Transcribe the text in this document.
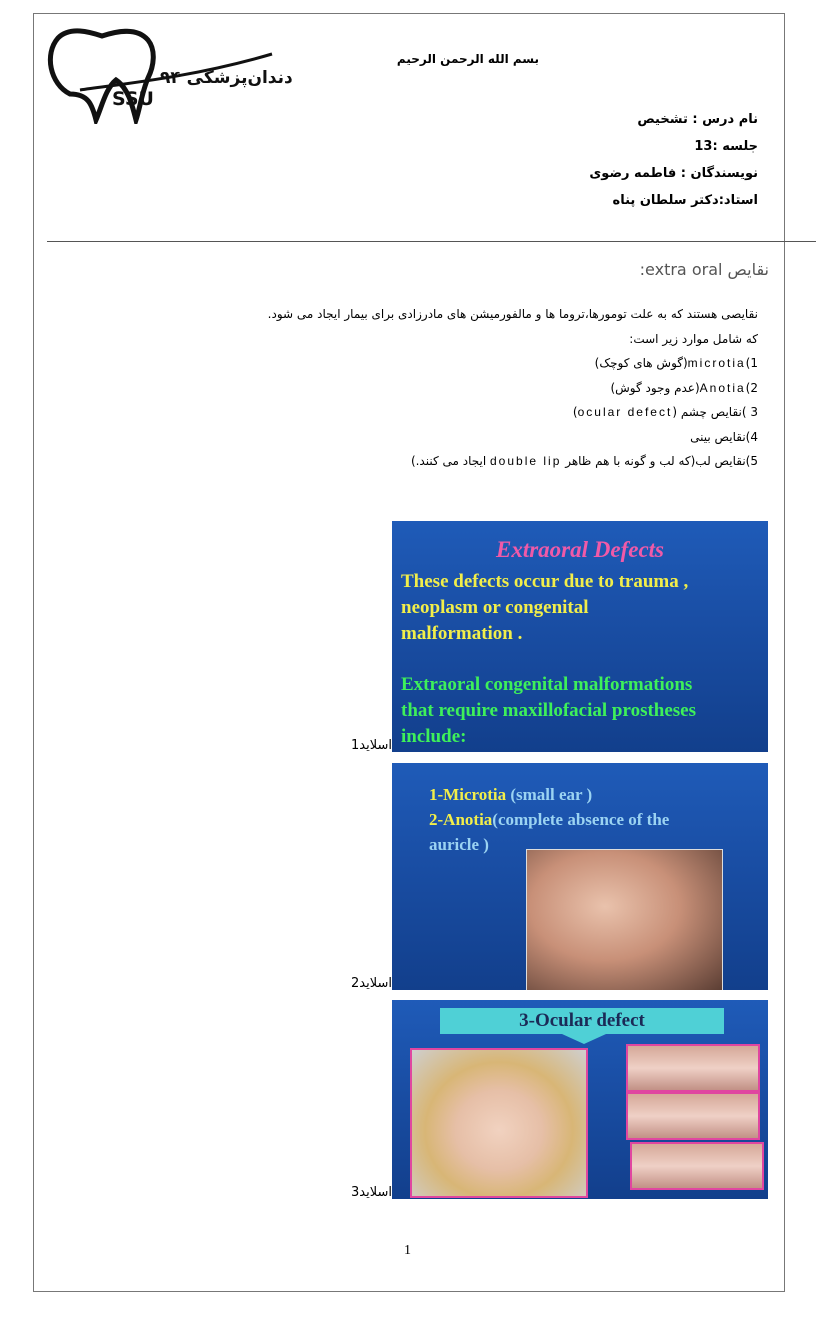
دندان‌پزشکی ۹۴
SSU
بسم الله الرحمن الرحیم
نام درس : تشخیص
جلسه :13
نویسندگان : فاطمه رضوی
استاد:دکتر سلطان پناه
نقایص extra oral:
نقایصی هستند که به علت تومورها،تروما ها و مالفورمیشن های مادرزادی برای بیمار ایجاد می شود.
که شامل موارد زیر است:
1)microtia(گوش های کوچک)
2)Anotia(عدم وجود گوش)
3 )نقایص چشم (ocular defect)
4)نقایص بینی
5)نقایص لب(که لب و گونه با هم ظاهر double lip ایجاد می کنند.)
Extraoral Defects
These defects occur due to trauma ,
neoplasm or congenital
malformation .
Extraoral congenital malformations
that require maxillofacial prostheses
include:
اسلاید1
1-Microtia (small ear )
2-Anotia(complete absence of the
auricle )
اسلاید2
3-Ocular defect
اسلاید3
1
